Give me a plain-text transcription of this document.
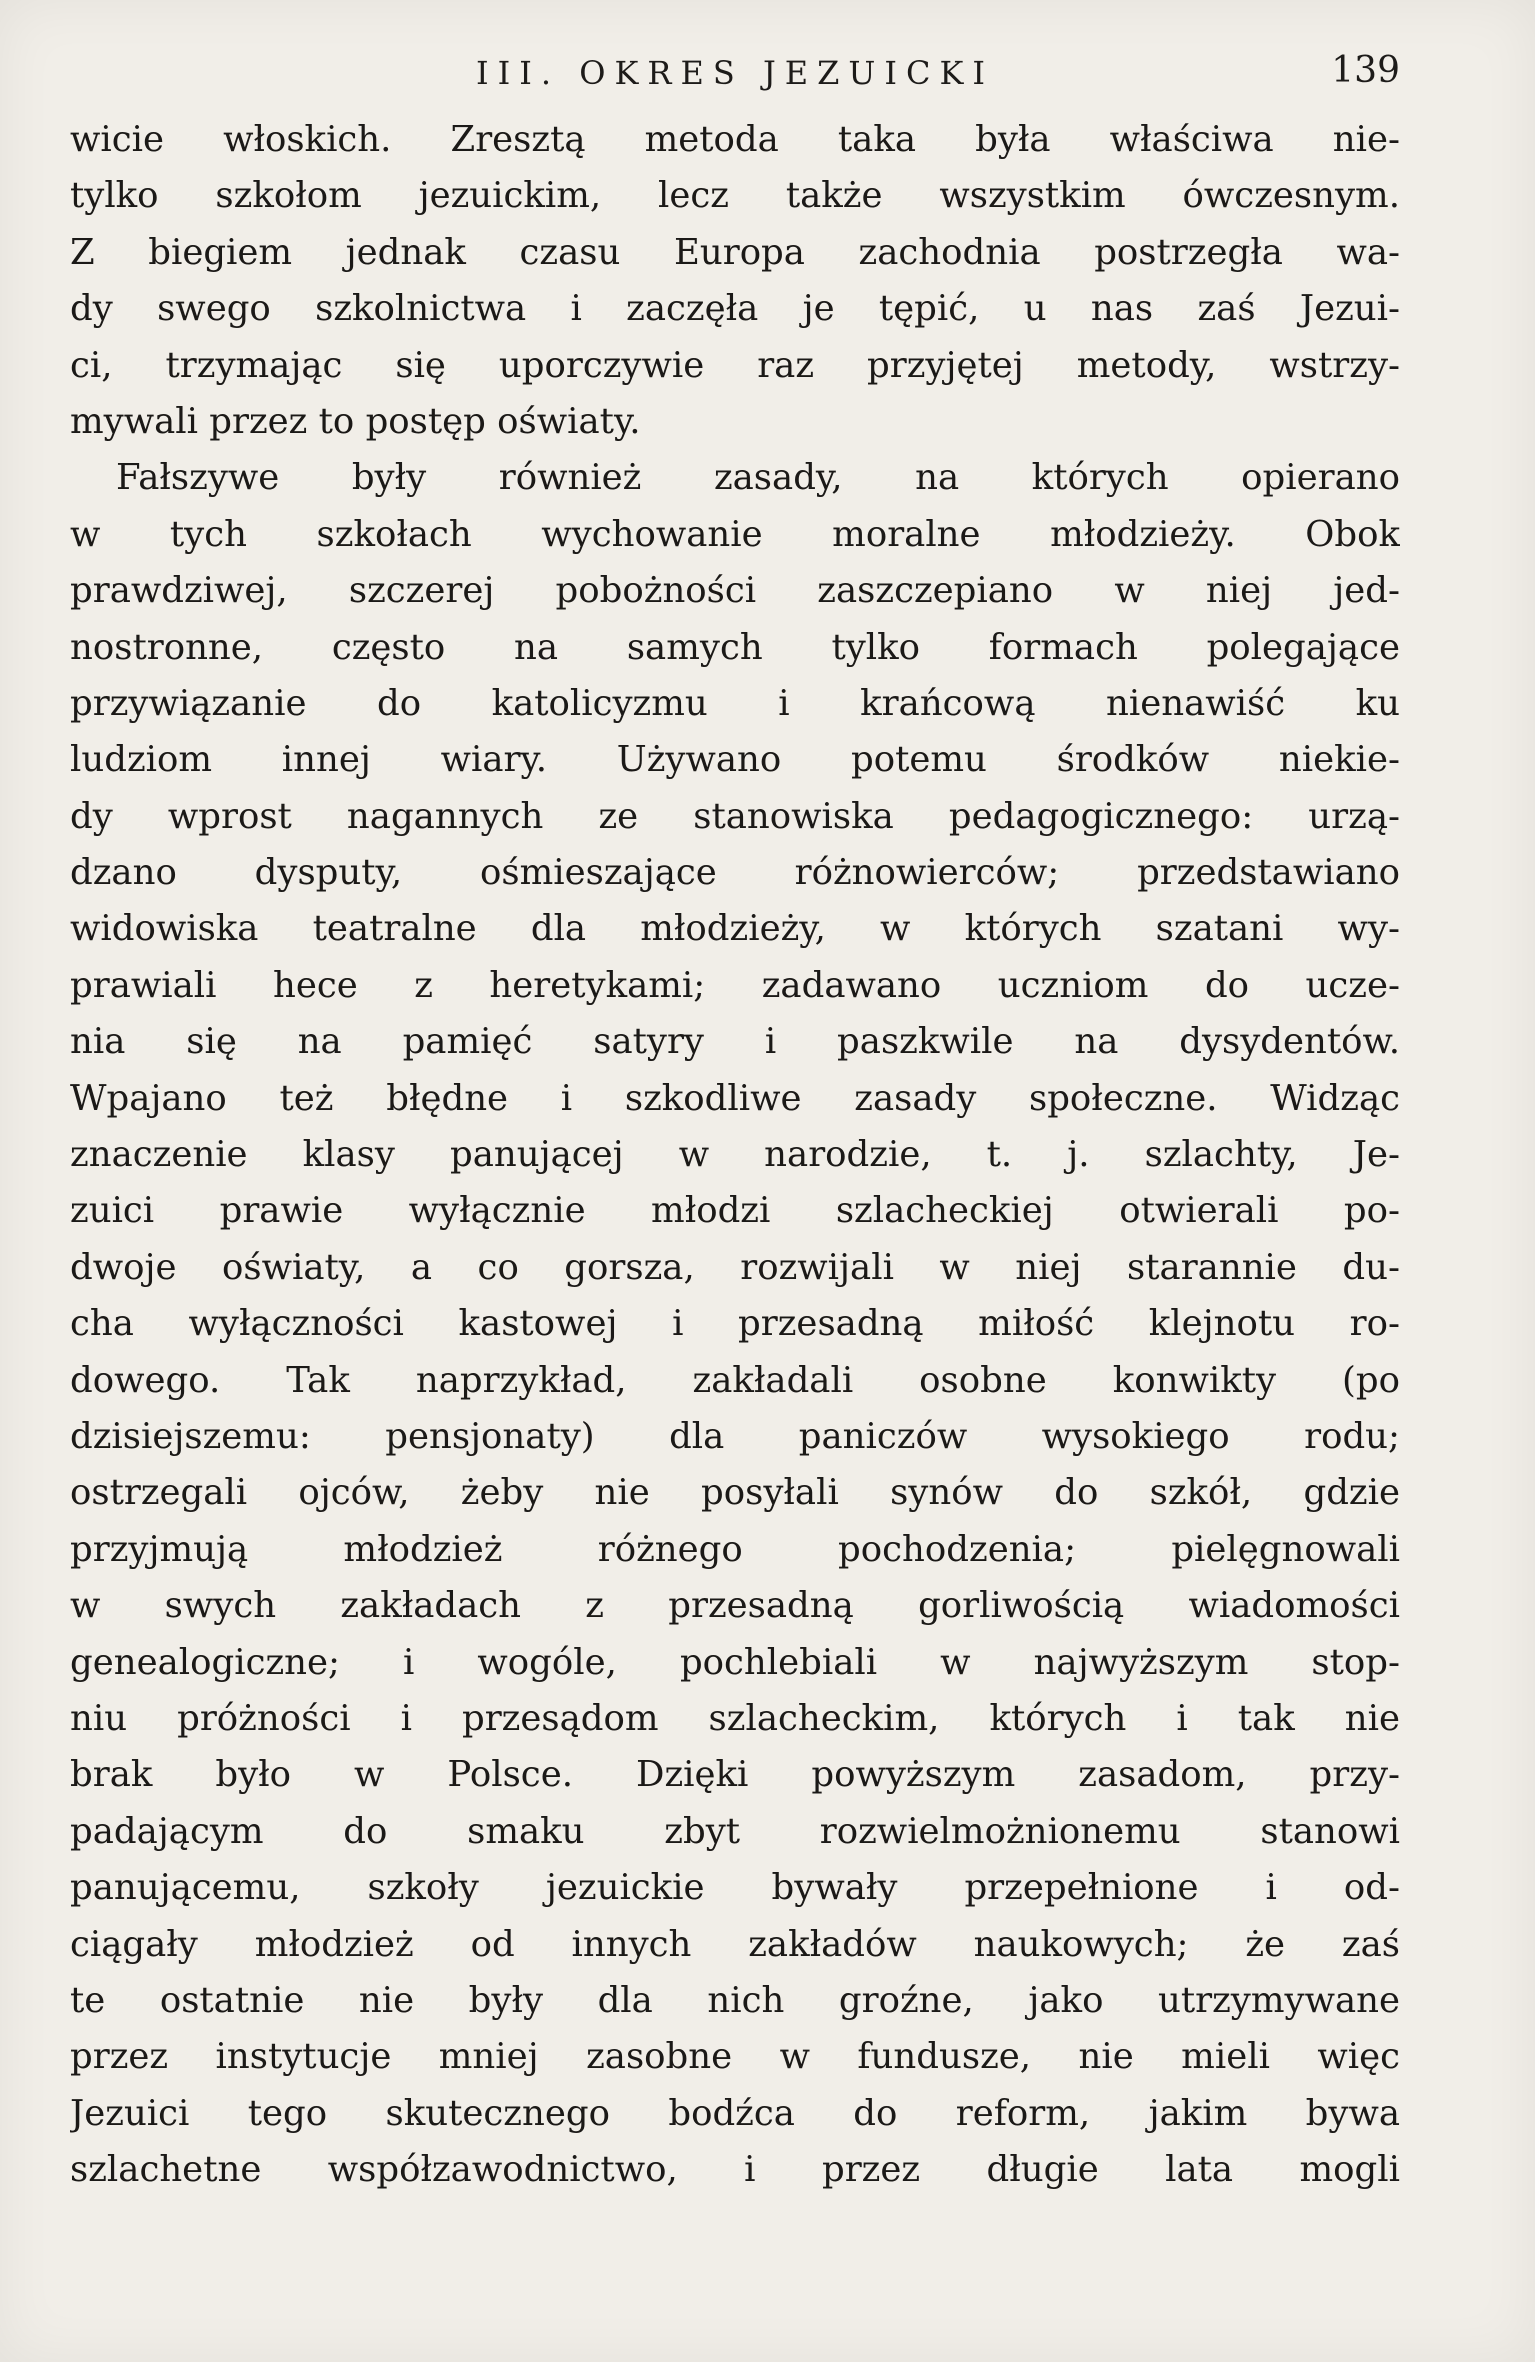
III. OKRES JEZUICKI	139
wicie włoskich. Zresztą metoda taka była właściwa nie-
tylko szkołom jezuickim, lecz także wszystkim ówczesnym.
Z biegiem jednak czasu Europa zachodnia postrzegła wa-
dy swego szkolnictwa i zaczęła je tępić, u nas zaś Jezui-
ci, trzymając się uporczywie raz przyjętej metody, wstrzy-
mywali przez to postęp oświaty.
Fałszywe były również zasady, na których opierano
w tych szkołach wychowanie moralne młodzieży. Obok
prawdziwej, szczerej pobożności zaszczepiano w niej jed-
nostronne, często na samych tylko formach polegające
przywiązanie do katolicyzmu i krańcową nienawiść ku
ludziom innej wiary. Używano potemu środków niekie-
dy wprost nagannych ze stanowiska pedagogicznego: urzą-
dzano dysputy, ośmieszające różnowierców; przedstawiano
widowiska teatralne dla młodzieży, w których szatani wy-
prawiali hece z heretykami; zadawano uczniom do ucze-
nia się na pamięć satyry i paszkwile na dysydentów.
Wpajano też błędne i szkodliwe zasady społeczne. Widząc
znaczenie klasy panującej w narodzie, t. j. szlachty, Je-
zuici prawie wyłącznie młodzi szlacheckiej otwierali po-
dwoje oświaty, a co gorsza, rozwijali w niej starannie du-
cha wyłączności kastowej i przesadną miłość klejnotu ro-
dowego. Tak naprzykład, zakładali osobne konwikty (po
dzisiejszemu: pensjonaty) dla paniczów wysokiego rodu;
ostrzegali ojców, żeby nie posyłali synów do szkół, gdzie
przyjmują młodzież różnego pochodzenia; pielęgnowali
w swych zakładach z przesadną gorliwością wiadomości
genealogiczne; i wogóle, pochlebiali w najwyższym stop-
niu próżności i przesądom szlacheckim, których i tak nie
brak było w Polsce. Dzięki powyższym zasadom, przy-
padającym do smaku zbyt rozwielmożnionemu stanowi
panującemu, szkoły jezuickie bywały przepełnione i od-
ciągały młodzież od innych zakładów naukowych; że zaś
te ostatnie nie były dla nich groźne, jako utrzymywane
przez instytucje mniej zasobne w fundusze, nie mieli więc
Jezuici tego skutecznego bodźca do reform, jakim bywa
szlachetne współzawodnictwo, i przez długie lata mogli
